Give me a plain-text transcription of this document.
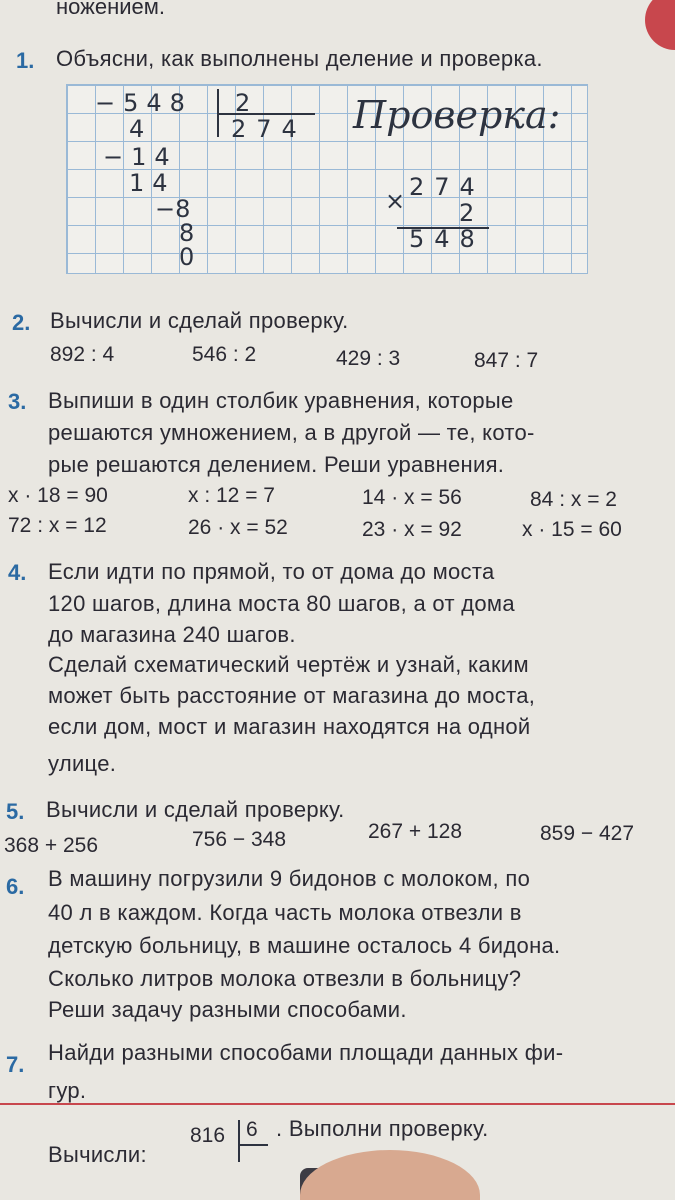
ножением.
1. Объясни, как выполнены деление и проверка.
−548 2
274
4
−14
14
−8
8
0
Проверка:
× 274
2
548
2. Вычисли и сделай проверку.
892 : 4	546 : 2	429 : 3	847 : 7
3. Выпиши в один столбик уравнения, которые
решаются умножением, а в другой — те, кото-
рые решаются делением. Реши уравнения.
x · 18 = 90	x : 12 = 7	14 · x = 56	84 : x = 2
72 : x = 12	26 · x = 52	23 · x = 92	x · 15 = 60
4. Если идти по прямой, то от дома до моста
120 шагов, длина моста 80 шагов, а от дома
до магазина 240 шагов.
Сделай схематический чертёж и узнай, каким
может быть расстояние от магазина до моста,
если дом, мост и магазин находятся на одной
улице.
5. Вычисли и сделай проверку.
368 + 256	756 − 348	267 + 128	859 − 427
6. В машину погрузили 9 бидонов с молоком, по
40 л в каждом. Когда часть молока отвезли в
детскую больницу, в машине осталось 4 бидона.
Сколько литров молока отвезли в больницу?
Реши задачу разными способами.
7. Найди разными способами площади данных фи-
гур.
Вычисли:
816 6 . Выполни проверку.
